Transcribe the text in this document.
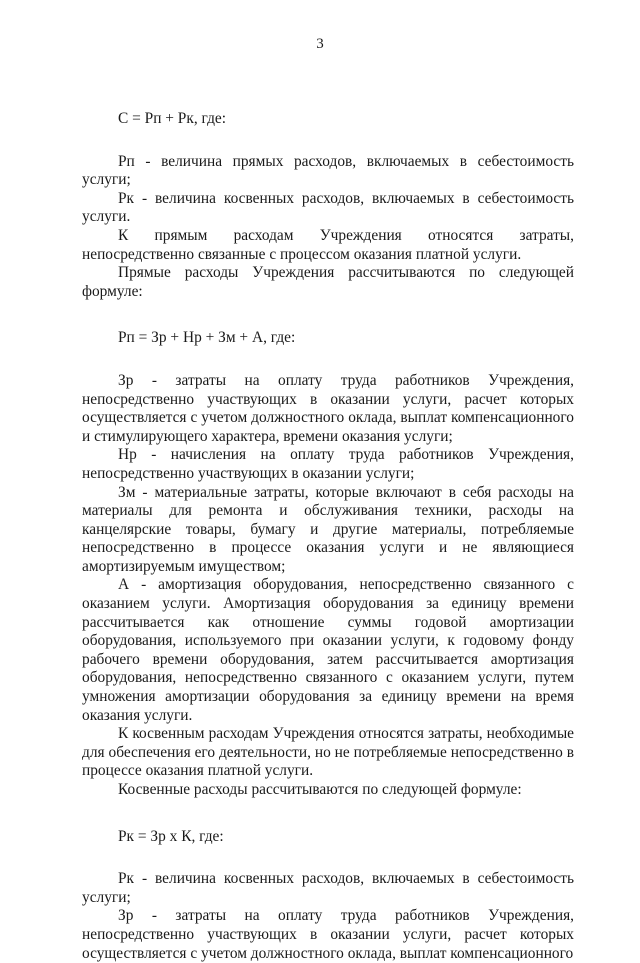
3

С = Рп + Рк, где:

Рп - величина прямых расходов, включаемых в себестоимость услуги;

Рк - величина косвенных расходов, включаемых в себестоимость услуги.

К прямым расходам Учреждения относятся затраты, непосредственно связанные с процессом оказания платной услуги.

Прямые расходы Учреждения рассчитываются по следующей формуле:

Рп = Зр + Нр + Зм + А, где:

Зр - затраты на оплату труда работников Учреждения, непосредственно участвующих в оказании услуги, расчет которых осуществляется с учетом должностного оклада, выплат компенсационного и стимулирующего характера, времени оказания услуги;

Нр - начисления на оплату труда работников Учреждения, непосредственно участвующих в оказании услуги;

Зм - материальные затраты, которые включают в себя расходы на материалы для ремонта и обслуживания техники, расходы на канцелярские товары, бумагу и другие материалы, потребляемые непосредственно в процессе оказания услуги и не являющиеся амортизируемым имуществом;

А - амортизация оборудования, непосредственно связанного с оказанием услуги. Амортизация оборудования за единицу времени рассчитывается как отношение суммы годовой амортизации оборудования, используемого при оказании услуги, к годовому фонду рабочего времени оборудования, затем рассчитывается амортизация оборудования, непосредственно связанного с оказанием услуги, путем умножения амортизации оборудования за единицу времени на время оказания услуги.

К косвенным расходам Учреждения относятся затраты, необходимые для обеспечения его деятельности, но не потребляемые непосредственно в процессе оказания платной услуги.

Косвенные расходы рассчитываются по следующей формуле:

Рк = Зр х К, где:

Рк - величина косвенных расходов, включаемых в себестоимость услуги;

Зр - затраты на оплату труда работников Учреждения, непосредственно участвующих в оказании услуги, расчет которых осуществляется с учетом должностного оклада, выплат компенсационного
